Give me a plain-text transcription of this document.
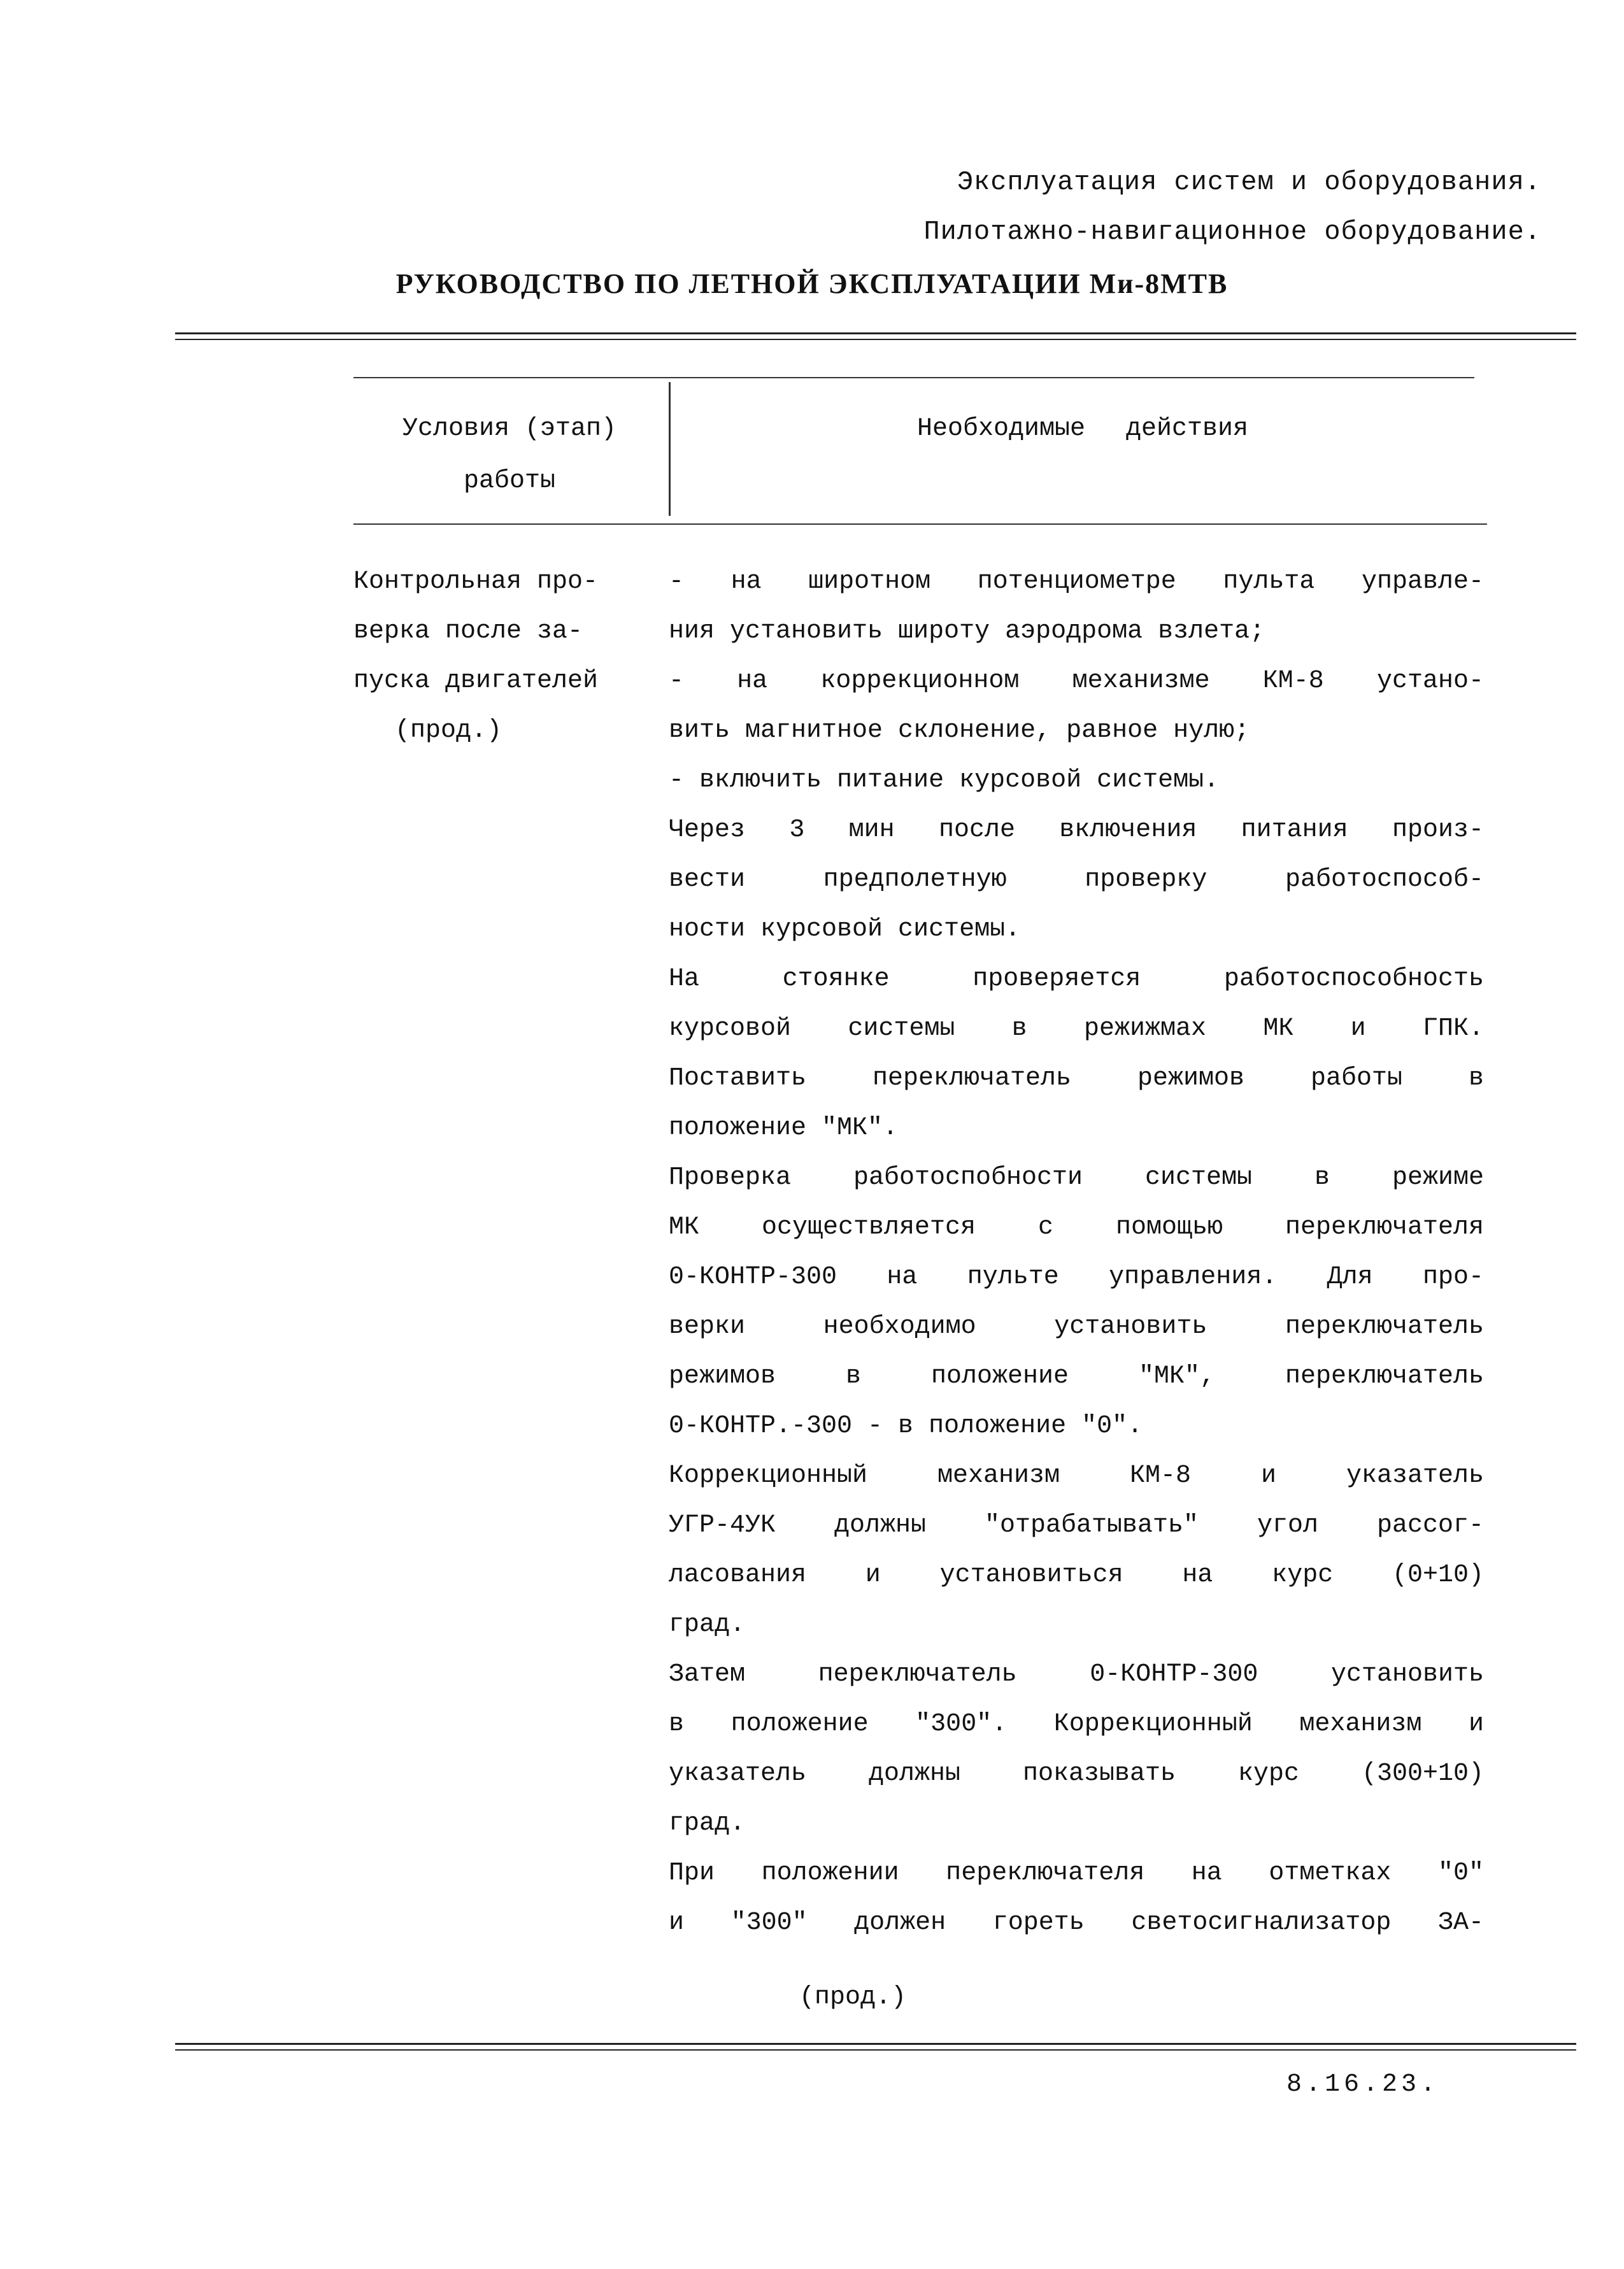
Эксплуатация систем и оборудования.
Пилотажно-навигационное оборудование.
РУКОВОДСТВО ПО ЛЕТНОЙ ЭКСПЛУАТАЦИИ Ми-8МТВ
Условия (этап)
работы
Необходимые действия
Контрольная про-
верка после за-
пуска двигателей
(прод.)
- на широтном потенциометре пульта управле-
ния установить широту аэродрома взлета;
- на коррекционном механизме КМ-8 устано-
вить магнитное склонение, равное нулю;
- включить питание курсовой системы.
Через 3 мин после включения питания произ-
вести предполетную проверку работоспособ-
ности курсовой системы.
На стоянке проверяется работоспособность
курсовой системы в режижмах МК и ГПК.
Поставить переключатель режимов работы в
положение "МК".
Проверка работоспобности системы в режиме
МК осуществляется с помощью переключателя
0-КОНТР-300 на пульте управления. Для про-
верки необходимо установить переключатель
режимов в положение "МК", переключатель
0-КОНТР.-300 - в положение "0".
Коррекционный механизм КМ-8 и указатель
УГР-4УК должны "отрабатывать" угол рассог-
ласования и установиться на курс (0+10)
град.
Затем переключатель 0-КОНТР-300 установить
в положение "300". Коррекционный механизм и
указатель должны показывать курс (300+10)
град.
При положении переключателя на отметках "0"
и "300" должен гореть светосигнализатор ЗА-
(прод.)
8.16.23.
